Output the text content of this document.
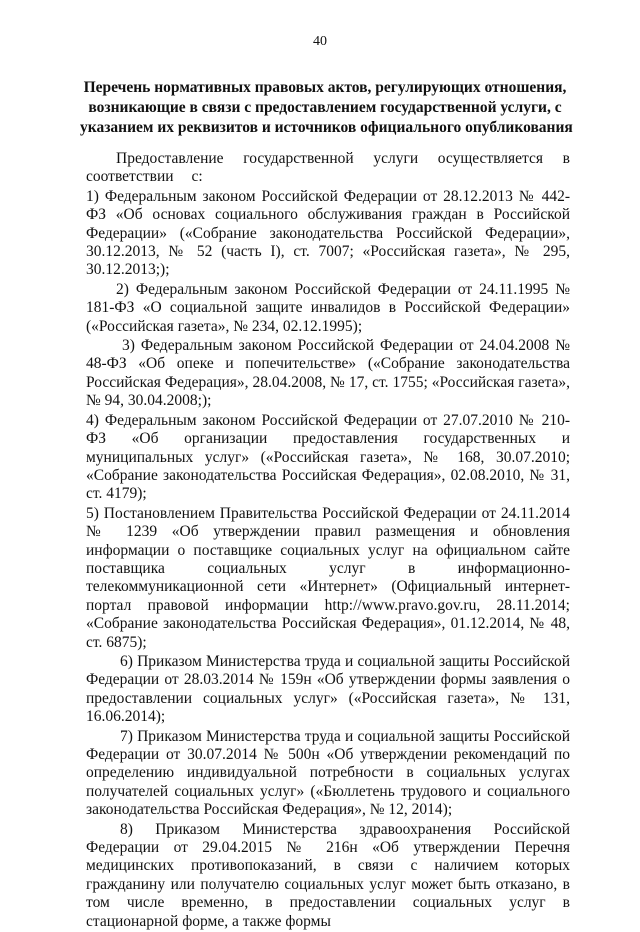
40
Перечень нормативных правовых актов, регулирующих отношения,
возникающие в связи с предоставлением государственной услуги, с
указанием их реквизитов и источников официального опубликования

Предоставление государственной услуги осуществляется в соответствии с:

1) Федеральным законом Российской Федерации от 28.12.2013 № 442-ФЗ «Об основах социального обслуживания граждан в Российской Федерации» («Собрание законодательства Российской Федерации», 30.12.2013, № 52 (часть I), ст. 7007; «Российская газета», № 295, 30.12.2013;);

2) Федеральным законом Российской Федерации от 24.11.1995 № 181-ФЗ «О социальной защите инвалидов в Российской Федерации» («Российская газета», № 234, 02.12.1995);

3) Федеральным законом Российской Федерации от 24.04.2008 № 48-ФЗ «Об опеке и попечительстве» («Собрание законодательства Российская Федерация», 28.04.2008, № 17, ст. 1755; «Российская газета», № 94, 30.04.2008;);

4) Федеральным законом Российской Федерации от 27.07.2010 № 210-ФЗ «Об организации предоставления государственных и муниципальных услуг» («Российская газета», № 168, 30.07.2010; «Собрание законодательства Российская Федерация», 02.08.2010, № 31, ст. 4179);

5) Постановлением Правительства Российской Федерации от 24.11.2014 № 1239 «Об утверждении правил размещения и обновления информации о поставщике социальных услуг на официальном сайте поставщика социальных услуг в информационно-телекоммуникационной сети «Интернет» (Официальный интернет-портал правовой информации http://www.pravo.gov.ru, 28.11.2014; «Собрание законодательства Российская Федерация», 01.12.2014, № 48, ст. 6875);

6) Приказом Министерства труда и социальной защиты Российской Федерации от 28.03.2014 № 159н «Об утверждении формы заявления о предоставлении социальных услуг» («Российская газета», № 131, 16.06.2014);

7) Приказом Министерства труда и социальной защиты Российской Федерации от 30.07.2014 № 500н «Об утверждении рекомендаций по определению индивидуальной потребности в социальных услугах получателей социальных услуг» («Бюллетень трудового и социального законодательства Российская Федерация», № 12, 2014);

8) Приказом Министерства здравоохранения Российской Федерации от 29.04.2015 № 216н «Об утверждении Перечня медицинских противопоказаний, в связи с наличием которых гражданину или получателю социальных услуг может быть отказано, в том числе временно, в предоставлении социальных услуг в стационарной форме, а также формы
